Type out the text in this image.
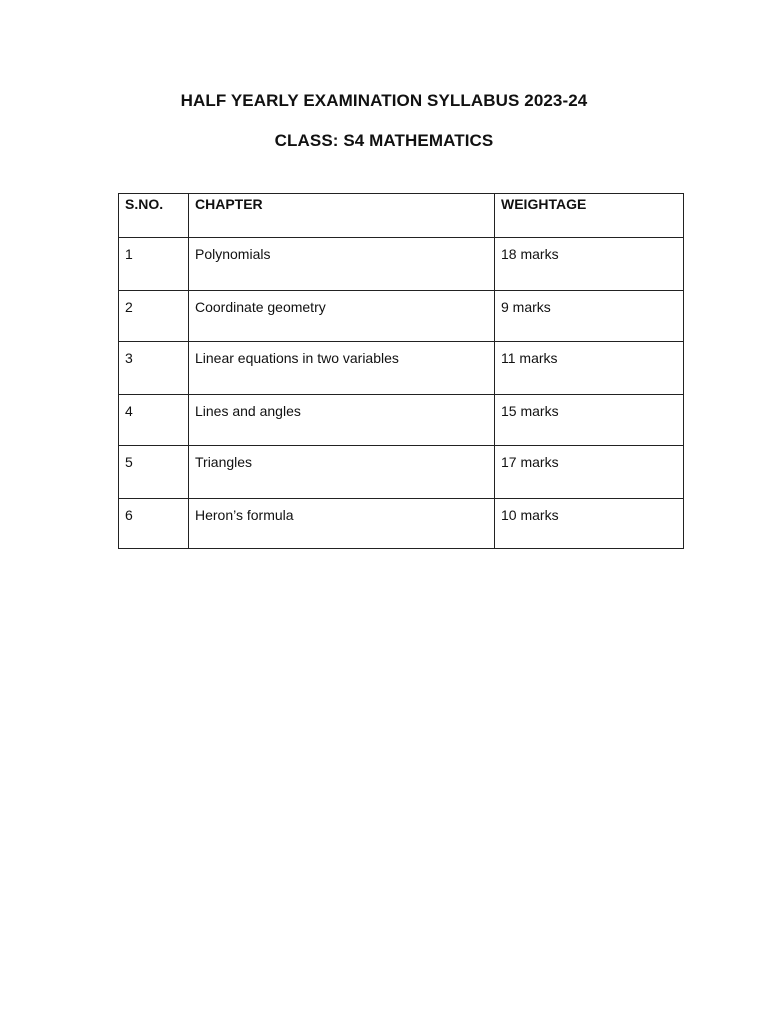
HALF YEARLY EXAMINATION SYLLABUS 2023-24
CLASS: S4 MATHEMATICS
S.NO.	CHAPTER	WEIGHTAGE
1	Polynomials	18 marks
2	Coordinate geometry	9 marks
3	Linear equations in two variables	11 marks
4	Lines and angles	15 marks
5	Triangles	17 marks
6	Heron’s formula	10 marks
